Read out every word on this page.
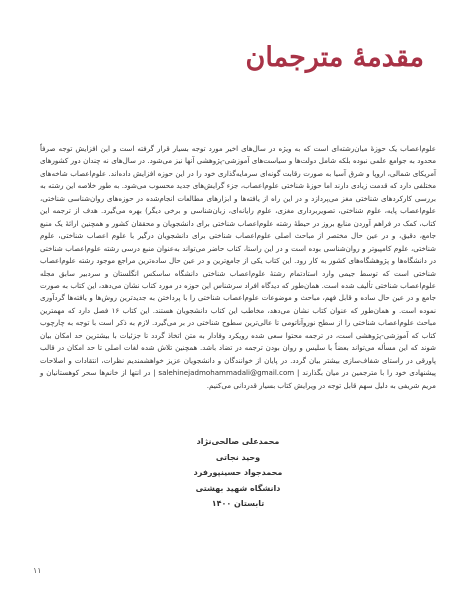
مقدمهٔ مترجمان

علوم‌اعصاب یک حوزهٔ میان‌رشته‌ای است که به ویژه در سال‌های اخیر مورد توجه بسیار قرار گرفته است و این افزایش توجه صرفاً محدود به جوامع علمی نبوده بلکه شامل دولت‌ها و سیاست‌های آموزشی-پژوهشی آنها نیز می‌شود. در سال‌های نه چندان دور کشورهای آمریکای شمالی، اروپا و شرق آسیا به صورت رقابت گونه‌ای سرمایه‌گذاری خود را در این حوزه افزایش داده‌اند. علوم‌اعصاب شاخه‌های مختلفی دارد که قدمت زیادی دارند اما حوزهٔ شناختی علوم‌اعصاب، جزء گرایش‌های جدید محسوب می‌شود. به طور خلاصه این رشته به بررسی کارکردهای شناختی مغز می‌پردازد و در این راه از یافته‌ها و ابزارهای مطالعات انجام‌شده در حوزه‌های روان‌شناسی شناختی، علوم‌اعصاب پایه، علوم شناختی، تصویربرداری مغزی، علوم رایانه‌ای، زبان‌شناسی و برخی دیگر) بهره می‌گیرد. هدف از ترجمه این کتاب، کمک در فراهم آوردن منابع بروز در حیطهٔ رشته علوم‌اعصاب شناختی برای دانشجویان و محققان کشور و همچنین ارائهٔ یک منبع جامع، دقیق، و در عین حال مختصر از مباحث اصلی علوم‌اعصاب شناختی برای دانشجویان درگیر با علوم اعصاب شناختی، علوم شناختی، علوم کامپیوتر و روان‌شناسی بوده است و در این راستا، کتاب حاضر می‌تواند به‌عنوان منبع درسی رشته علوم‌اعصاب شناختی در دانشگاه‌ها و پژوهشگاه‌های کشور به کار رود. این کتاب یکی از جامع‌ترین و در عین حال ساده‌ترین مراجع موجود رشته علوم‌اعصاب شناختی است که توسط جیمی وارد استادتمام رشتهٔ علوم‌اعصاب شناختی دانشگاه ساسکس انگلستان و سردبیر سابق مجله علوم‌اعصاب شناختی تألیف شده است. همان‌طور که دیدگاه افراد سرشناس این حوزه در مورد کتاب نشان می‌دهد، این کتاب به صورت جامع و در عین حال ساده و قابل فهم، مباحث و موضوعات علوم‌اعصاب شناختی را با پرداختن به جدیدترین روش‌ها و یافته‌ها گردآوری نموده است. و همان‌طور که عنوان کتاب نشان می‌دهد، مخاطب این کتاب دانشجویان هستند. این کتاب ۱۶ فصل دارد که مهمترین مباحث علوم‌اعصاب شناختی را از سطح نوروآناتومی تا عالی‌ترین سطوح شناختی در بر می‌گیرد. لازم به ذکر است با توجه به چارچوب کتاب که آموزشی-پژوهشی است، در ترجمه محتوا سعی شده رویکرد وفادار به متن اتخاذ گردد تا جزئیات با بیشترین حد امکان بیان شوند که این مسأله می‌تواند بعضاً با سلیس و روان بودن ترجمه در تضاد باشد. همچنین تلاش شده لغات اصلی تا حد امکان در قالب پاورقی در راستای شفاف‌سازی بیشتر بیان گردد. در پایان از خوانندگان و دانشجویان عزیز خواهشمندیم نظرات، انتقادات و اصلاحات پیشنهادی خود را با مترجمین در میان بگذارند | salehinejadmohammadali@gmail.com | در انتها از خانم‌ها سحر کوهستانیان و مریم شریفی به دلیل سهم قابل توجه در ویرایش کتاب بسیار قدردانی می‌کنیم.

محمدعلی صالحی‌نژاد
وحید نجاتی
محمدجواد حسینپورفرد
دانشگاه شهید بهشتی
تابستان ۱۴۰۰
۱۱
